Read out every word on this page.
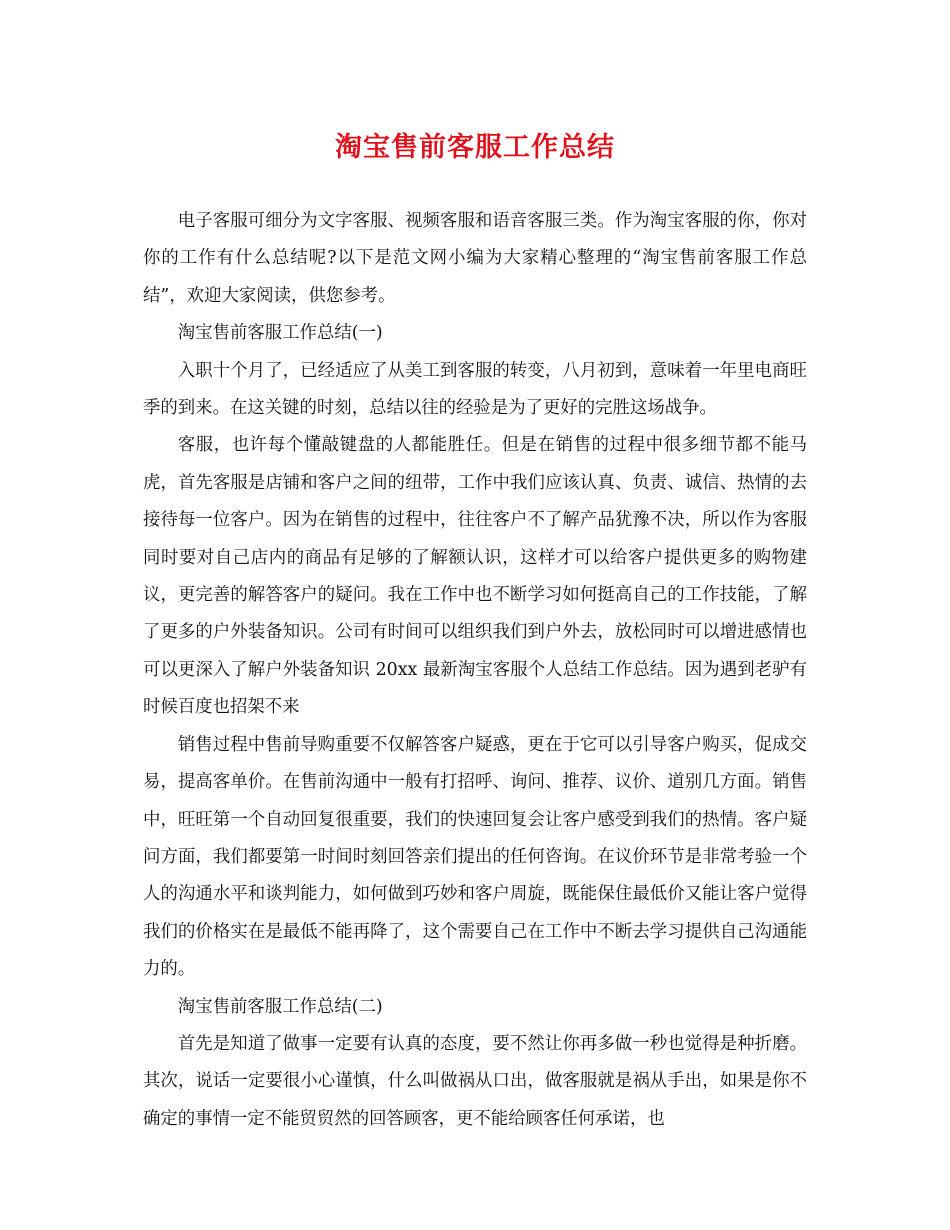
淘宝售前客服工作总结

电子客服可细分为文字客服、视频客服和语音客服三类。作为淘宝客服的你，你对你的工作有什么总结呢?以下是范文网小编为大家精心整理的“淘宝售前客服工作总结”，欢迎大家阅读，供您参考。

淘宝售前客服工作总结(一)

入职十个月了，已经适应了从美工到客服的转变，八月初到，意味着一年里电商旺季的到来。在这关键的时刻，总结以往的经验是为了更好的完胜这场战争。

客服，也许每个懂敲键盘的人都能胜任。但是在销售的过程中很多细节都不能马虎，首先客服是店铺和客户之间的纽带，工作中我们应该认真、负责、诚信、热情的去接待每一位客户。因为在销售的过程中，往往客户不了解产品犹豫不决，所以作为客服同时要对自己店内的商品有足够的了解额认识，这样才可以给客户提供更多的购物建议，更完善的解答客户的疑问。我在工作中也不断学习如何挺高自己的工作技能，了解了更多的户外装备知识。公司有时间可以组织我们到户外去，放松同时可以增进感情也可以更深入了解户外装备知识 20xx 最新淘宝客服个人总结工作总结。因为遇到老驴有时候百度也招架不来

销售过程中售前导购重要不仅解答客户疑惑，更在于它可以引导客户购买，促成交易，提高客单价。在售前沟通中一般有打招呼、询问、推荐、议价、道别几方面。销售中，旺旺第一个自动回复很重要，我们的快速回复会让客户感受到我们的热情。客户疑问方面，我们都要第一时间时刻回答亲们提出的任何咨询。在议价环节是非常考验一个人的沟通水平和谈判能力，如何做到巧妙和客户周旋，既能保住最低价又能让客户觉得我们的价格实在是最低不能再降了，这个需要自己在工作中不断去学习提供自己沟通能力的。

淘宝售前客服工作总结(二)

首先是知道了做事一定要有认真的态度，要不然让你再多做一秒也觉得是种折磨。其次，说话一定要很小心谨慎，什么叫做祸从口出，做客服就是祸从手出，如果是你不确定的事情一定不能贸贸然的回答顾客，更不能给顾客任何承诺，也
